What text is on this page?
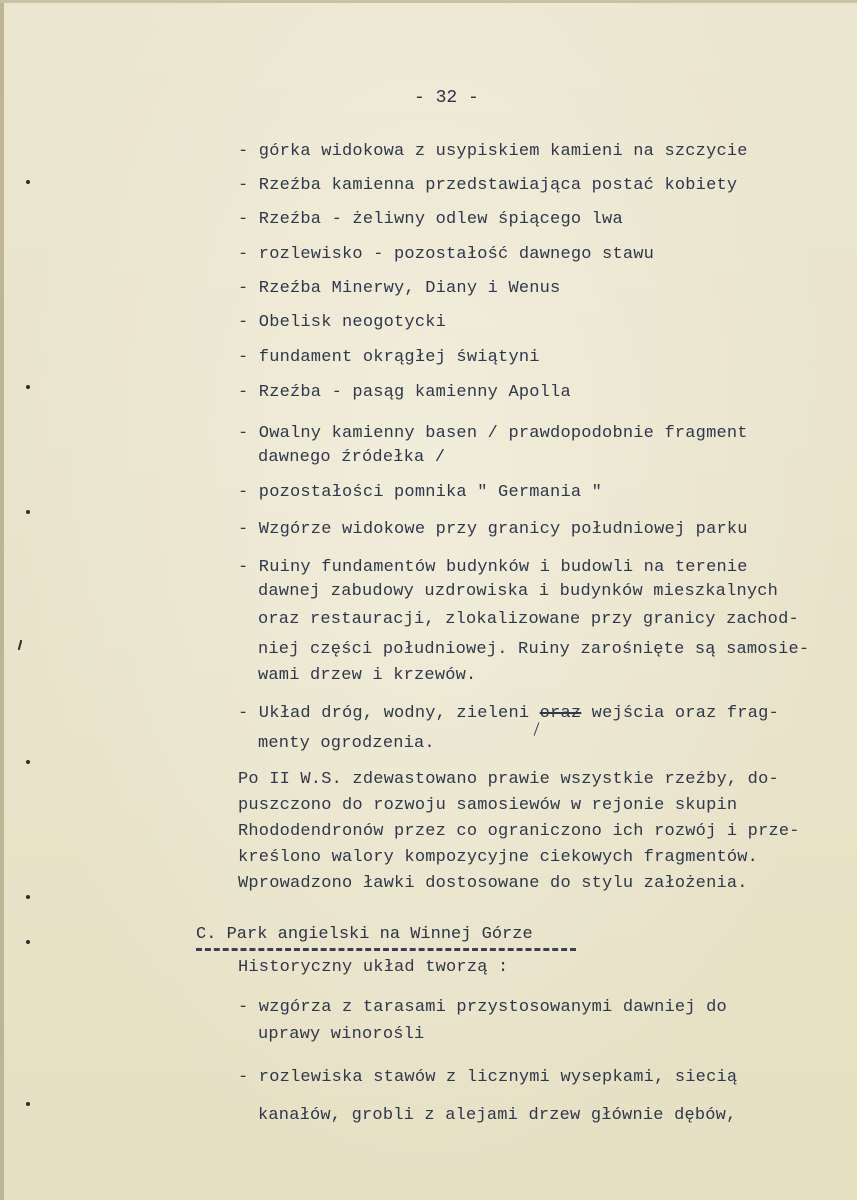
- 32 -
- górka widokowa z usypiskiem kamieni na szczycie
- Rzeźba kamienna przedstawiająca postać kobiety
- Rzeźba - żeliwny odlew śpiącego lwa
- rozlewisko - pozostałość dawnego stawu
- Rzeźba Minerwy, Diany i Wenus
- Obelisk neogotycki
- fundament okrągłej świątyni
- Rzeźba - pasąg kamienny Apolla
- Owalny kamienny basen / prawdopodobnie fragment
dawnego źródełka /
- pozostałości pomnika " Germania "
- Wzgórze widokowe przy granicy południowej parku
- Ruiny fundamentów budynków i budowli na terenie
dawnej zabudowy uzdrowiska i budynków mieszkalnych
oraz restauracji, zlokalizowane przy granicy zachod-
niej części południowej. Ruiny zarośnięte są samosie-
wami drzew i krzewów.
- Układ dróg, wodny, zieleni oraz wejścia oraz frag-
menty ogrodzenia.
Po II W.S. zdewastowano prawie wszystkie rzeźby, do-
puszczono do rozwoju samosiewów w rejonie skupin
Rhododendronów przez co ograniczono ich rozwój i prze-
kreślono walory kompozycyjne ciekowych fragmentów.
Wprowadzono ławki dostosowane do stylu założenia.
C. Park angielski na Winnej Górze
Historyczny układ tworzą :
- wzgórza z tarasami przystosowanymi dawniej do
uprawy winorośli
- rozlewiska stawów z licznymi wysepkami, siecią
kanałów, grobli z alejami drzew głównie dębów,
